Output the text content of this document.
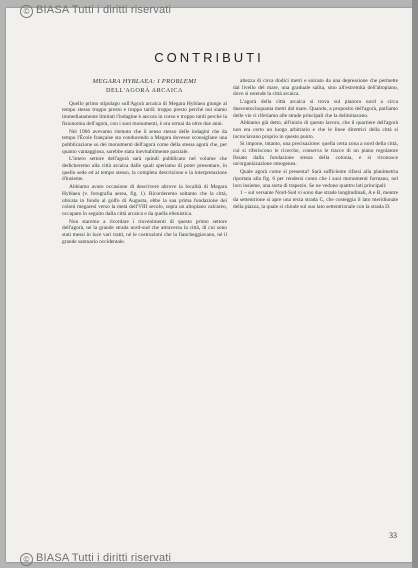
© BIASA Tutti i diritti riservati
CONTRIBUTI
MEGARA HYBLAEA: I PROBLEMI
DELL'AGORÀ ARCAICA

Quello primo stipulago sull'Agorà arcaica di Megara Hyblaea giunge al tempo stesso troppo presto e troppo tardi: troppo presto perché noi siamo immediatamente limitati l'indagine è ancora in corso e troppo tardi perché la fisionomia dell'agorà, con i suoi monumenti, è ora ormai da oltre due anni.

Nel 1966 avevamo ritenuto che il senso stesso delle indagini che da tempo l'École française sta conducendo a Megara dovesse sconsigliare una pubblicazione su dei monumenti dell'agorà come della stessa agorà che, per quanto vantaggiosa, sarebbe stata inevitabilmente parziale.

L'intero settore dell'agorà sarà quindi pubblicato nel volume che dedicheremo alla città arcaica dalle quali speriamo di poter presentare, in quello sede ed al tempo stesso, la completa descrizione e la interpretazione d'insieme.

Abbiamo avuto occasione di descrivere altrove la località di Megara Hyblaea (v. fotografia aerea, fig. 1). Ricorderemo soltanto che la città, ubicata in fondo al golfo di Augusta, ebbe la sua prima fondazione dei coloni megaresi verso la metà dell'VIII secolo, sopra un altopiano calcareo, occupato in seguito dalla città arcaica e da quella ellenistica.

Non staremo a ricordare i rinvenimenti di questo primo settore dell'agorà, né la grande strada nord-sud che attraversa la città, di cui sono stati messi in luce vari tratti, né le costruzioni che la fiancheggiavano, né il grande santuario occidentale.

altezza di circa dodici metri e solcato da una depressione che permette dal livello del mare, una graduale salita, sino all'estremità dell'altopiano, dove si estende la città arcaica.

L'agorà della città arcaica si trova sul pianoro nord a circa duecentocinquanta metri dal mare. Quando, a proposito dell'agorà, parliamo delle vie ci riferiamo alle strade principali che la delimitavano.

Abbiamo già detto, all'inizio di questo lavoro, che il quartiere dell'agorà non era certo un luogo arbitrario e che le linee direttrici della città si incrociavano proprio in questo punto.

Si impone, intanto, una precisazione: quella certa zona a nord della città, cui si riferiscono le ricerche, conserva le tracce di un piano regolatore fissato dalla fondazione stessa della colonia, e si riconosce un'organizzazione omogenea.

Quale agorà come si presenta? Sarà sufficiente rifarsi alla planimetria riportata alla fig. 6 per rendersi conto che i suoi monumenti formano, nel loro insieme, una sorta di trapezio. Se ne vedono quattro lati principali:

1 – sul versante Nord-Sud vi sono due strade longitudinali, A e B, mentre da settentrione si apre una terza strada C, che costeggia il lato meridionale della piazza, la quale si chiude sul suo lato settentrionale con la strada D.

33
© BIASA Tutti i diritti riservati
